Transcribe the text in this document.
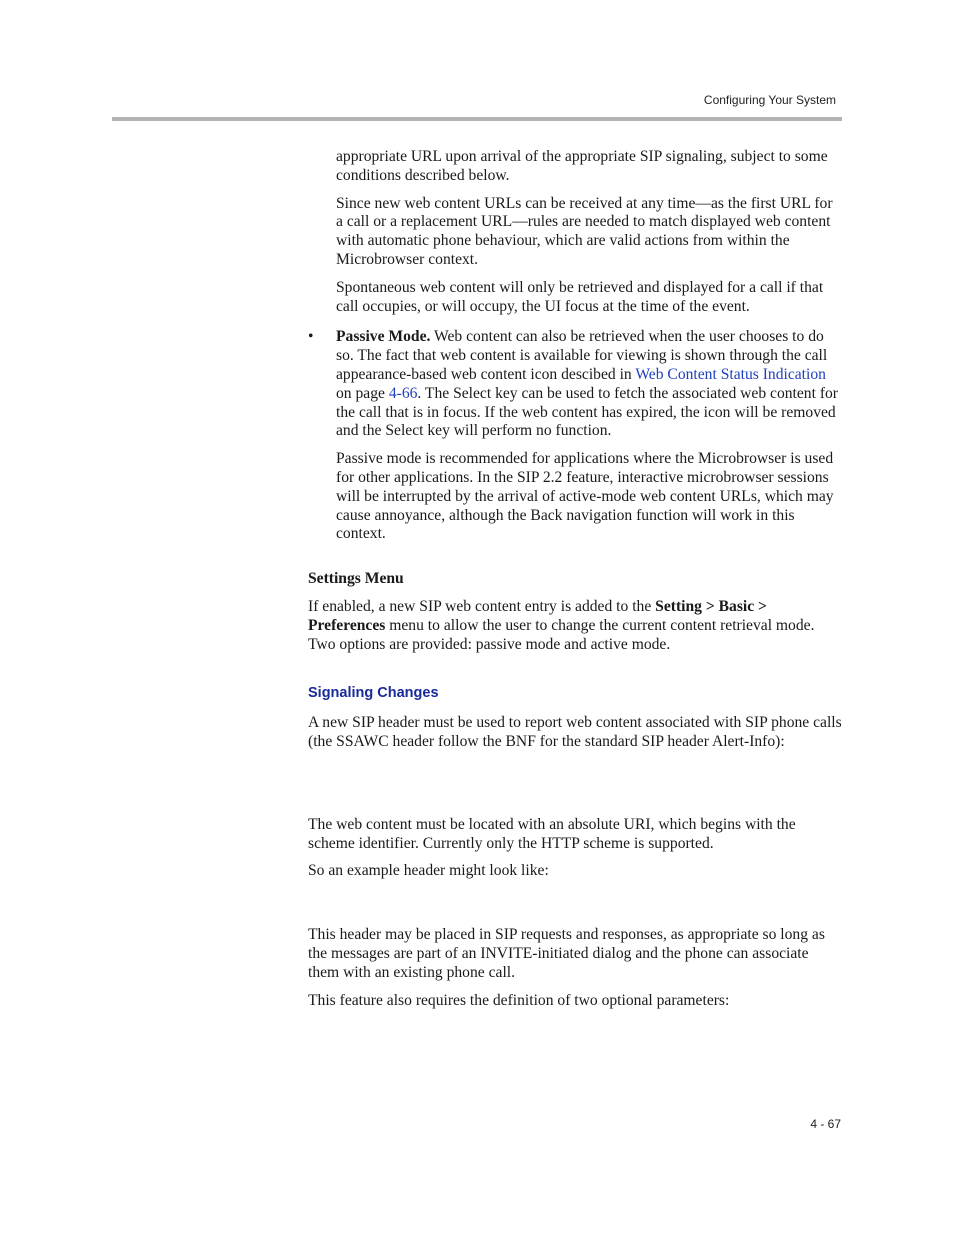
Configuring Your System

appropriate URL upon arrival of the appropriate SIP signaling, subject to some conditions described below.

Since new web content URLs can be received at any time—as the first URL for a call or a replacement URL—rules are needed to match displayed web content with automatic phone behaviour, which are valid actions from within the Microbrowser context.

Spontaneous web content will only be retrieved and displayed for a call if that call occupies, or will occupy, the UI focus at the time of the event.

• Passive Mode. Web content can also be retrieved when the user chooses to do so. The fact that web content is available for viewing is shown through the call appearance-based web content icon descibed in Web Content Status Indication on page 4-66. The Select key can be used to fetch the associated web content for the call that is in focus. If the web content has expired, the icon will be removed and the Select key will perform no function.

Passive mode is recommended for applications where the Microbrowser is used for other applications. In the SIP 2.2 feature, interactive microbrowser sessions will be interrupted by the arrival of active-mode web content URLs, which may cause annoyance, although the Back navigation function will work in this context.

Settings Menu

If enabled, a new SIP web content entry is added to the Setting > Basic > Preferences menu to allow the user to change the current content retrieval mode. Two options are provided: passive mode and active mode.

Signaling Changes

A new SIP header must be used to report web content associated with SIP phone calls (the SSAWC header follow the BNF for the standard SIP header Alert-Info):

The web content must be located with an absolute URI, which begins with the scheme identifier. Currently only the HTTP scheme is supported.

So an example header might look like:

This header may be placed in SIP requests and responses, as appropriate so long as the messages are part of an INVITE-initiated dialog and the phone can associate them with an existing phone call.

This feature also requires the definition of two optional parameters:

4 - 67
